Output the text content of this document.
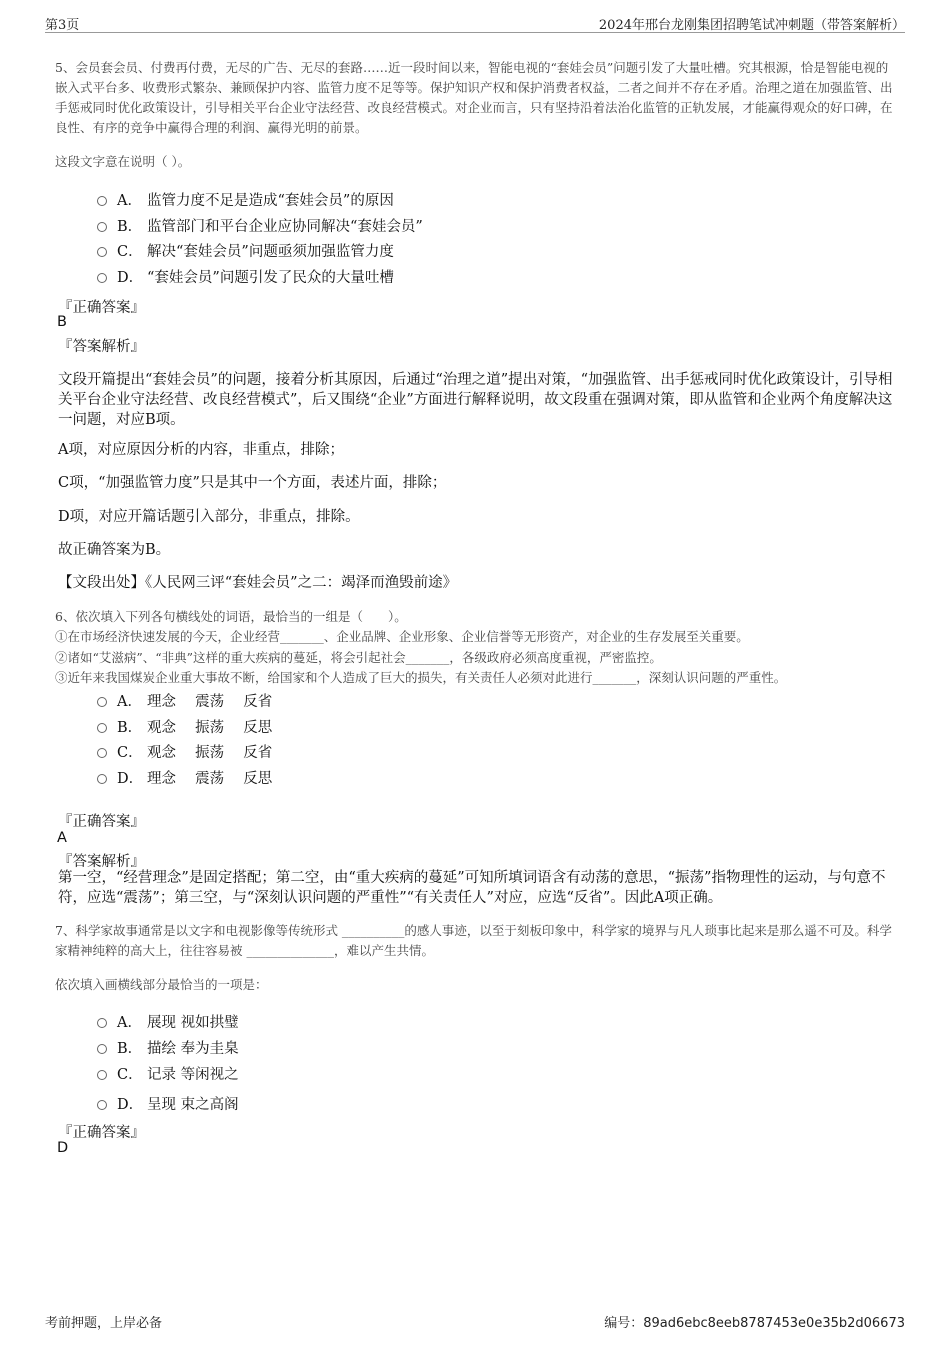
第3页	2024年邢台龙刚集团招聘笔试冲刺题（带答案解析）
5、会员套会员、付费再付费，无尽的广告、无尽的套路……近一段时间以来，智能电视的“套娃会员”问题引发了大量吐槽。究其根源，恰是智能电视的嵌入式平台多、收费形式繁杂、兼顾保护内容、监管力度不足等等。保护知识产权和保护消费者权益，二者之间并不存在矛盾。治理之道在加强监管、出手惩戒同时优化政策设计，引导相关平台企业守法经营、改良经营模式。对企业而言，只有坚持沿着法治化监管的正轨发展，才能赢得观众的好口碑，在良性、有序的竞争中赢得合理的利润、赢得光明的前景。
这段文字意在说明（ ）。
A． 监管力度不足是造成“套娃会员”的原因
B． 监管部门和平台企业应协同解决“套娃会员”
C． 解决“套娃会员”问题亟须加强监管力度
D． “套娃会员”问题引发了民众的大量吐槽
『正确答案』
B
『答案解析』
文段开篇提出“套娃会员”的问题，接着分析其原因，后通过“治理之道”提出对策，“加强监管、出手惩戒同时优化政策设计，引导相关平台企业守法经营、改良经营模式”，后又围绕“企业”方面进行解释说明，故文段重在强调对策，即从监管和企业两个角度解决这一问题，对应B项。
A项，对应原因分析的内容，非重点，排除；
C项，“加强监管力度”只是其中一个方面，表述片面，排除；
D项，对应开篇话题引入部分，非重点，排除。
故正确答案为B。
【文段出处】《人民网三评“套娃会员”之二：竭泽而渔毁前途》
6、依次填入下列各句横线处的词语，最恰当的一组是（　　）。
①在市场经济快速发展的今天，企业经营_______、企业品牌、企业形象、企业信誉等无形资产，对企业的生存发展至关重要。
②诸如“艾滋病”、“非典”这样的重大疾病的蔓延，将会引起社会_______，各级政府必须高度重视，严密监控。
③近年来我国煤炭企业重大事故不断，给国家和个人造成了巨大的损失，有关责任人必须对此进行_______，深刻认识问题的严重性。
A． 理念　 震荡　 反省
B． 观念　 振荡　 反思
C． 观念　 振荡　 反省
D． 理念　 震荡　 反思
『正确答案』
A
『答案解析』
第一空，“经营理念”是固定搭配；第二空，由“重大疾病的蔓延”可知所填词语含有动荡的意思，“振荡”指物理性的运动，与句意不符，应选“震荡”；第三空，与“深刻认识问题的严重性”“有关责任人”对应，应选“反省”。因此A项正确。
7、科学家故事通常是以文字和电视影像等传统形式 __________的感人事迹，以至于刻板印象中，科学家的境界与凡人琐事比起来是那么遥不可及。科学家精神纯粹的高大上，往往容易被 ______________，难以产生共情。
依次填入画横线部分最恰当的一项是：
A． 展现 视如拱璧
B． 描绘 奉为圭臬
C． 记录 等闲视之
D． 呈现 束之高阁
『正确答案』
D
考前押题，上岸必备	编号：89ad6ebc8eeb8787453e0e35b2d06673
